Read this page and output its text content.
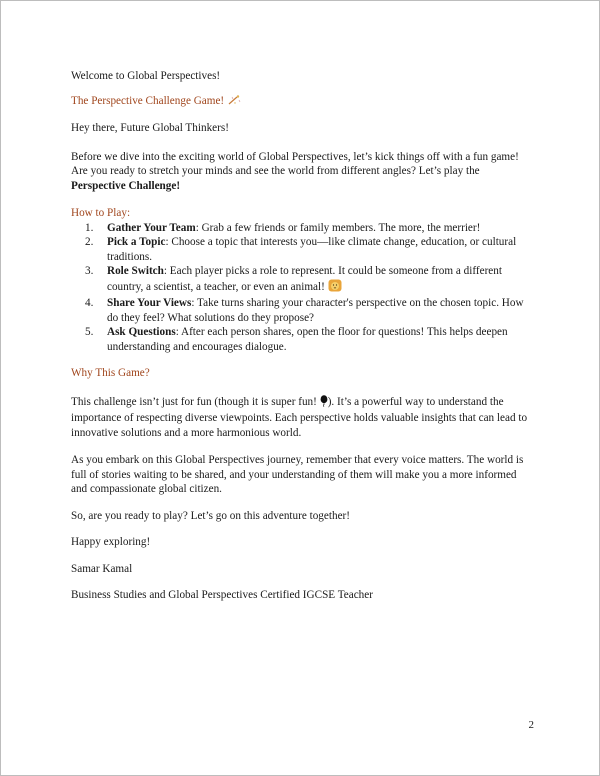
Welcome to Global Perspectives!

The Perspective Challenge Game!

Hey there, Future Global Thinkers!

Before we dive into the exciting world of Global Perspectives, let’s kick things off with a fun game! Are you ready to stretch your minds and see the world from different angles? Let’s play the Perspective Challenge!

How to Play:

1. Gather Your Team: Grab a few friends or family members. The more, the merrier!
2. Pick a Topic: Choose a topic that interests you—like climate change, education, or cultural traditions.
3. Role Switch: Each player picks a role to represent. It could be someone from a different country, a scientist, a teacher, or even an animal!
4. Share Your Views: Take turns sharing your character's perspective on the chosen topic. How do they feel? What solutions do they propose?
5. Ask Questions: After each person shares, open the floor for questions! This helps deepen understanding and encourages dialogue.

Why This Game?

This challenge isn’t just for fun (though it is super fun! ). It’s a powerful way to understand the importance of respecting diverse viewpoints. Each perspective holds valuable insights that can lead to innovative solutions and a more harmonious world.

As you embark on this Global Perspectives journey, remember that every voice matters. The world is full of stories waiting to be shared, and your understanding of them will make you a more informed and compassionate global citizen.

So, are you ready to play? Let’s go on this adventure together!

Happy exploring!

Samar Kamal

Business Studies and Global Perspectives Certified IGCSE Teacher

2
